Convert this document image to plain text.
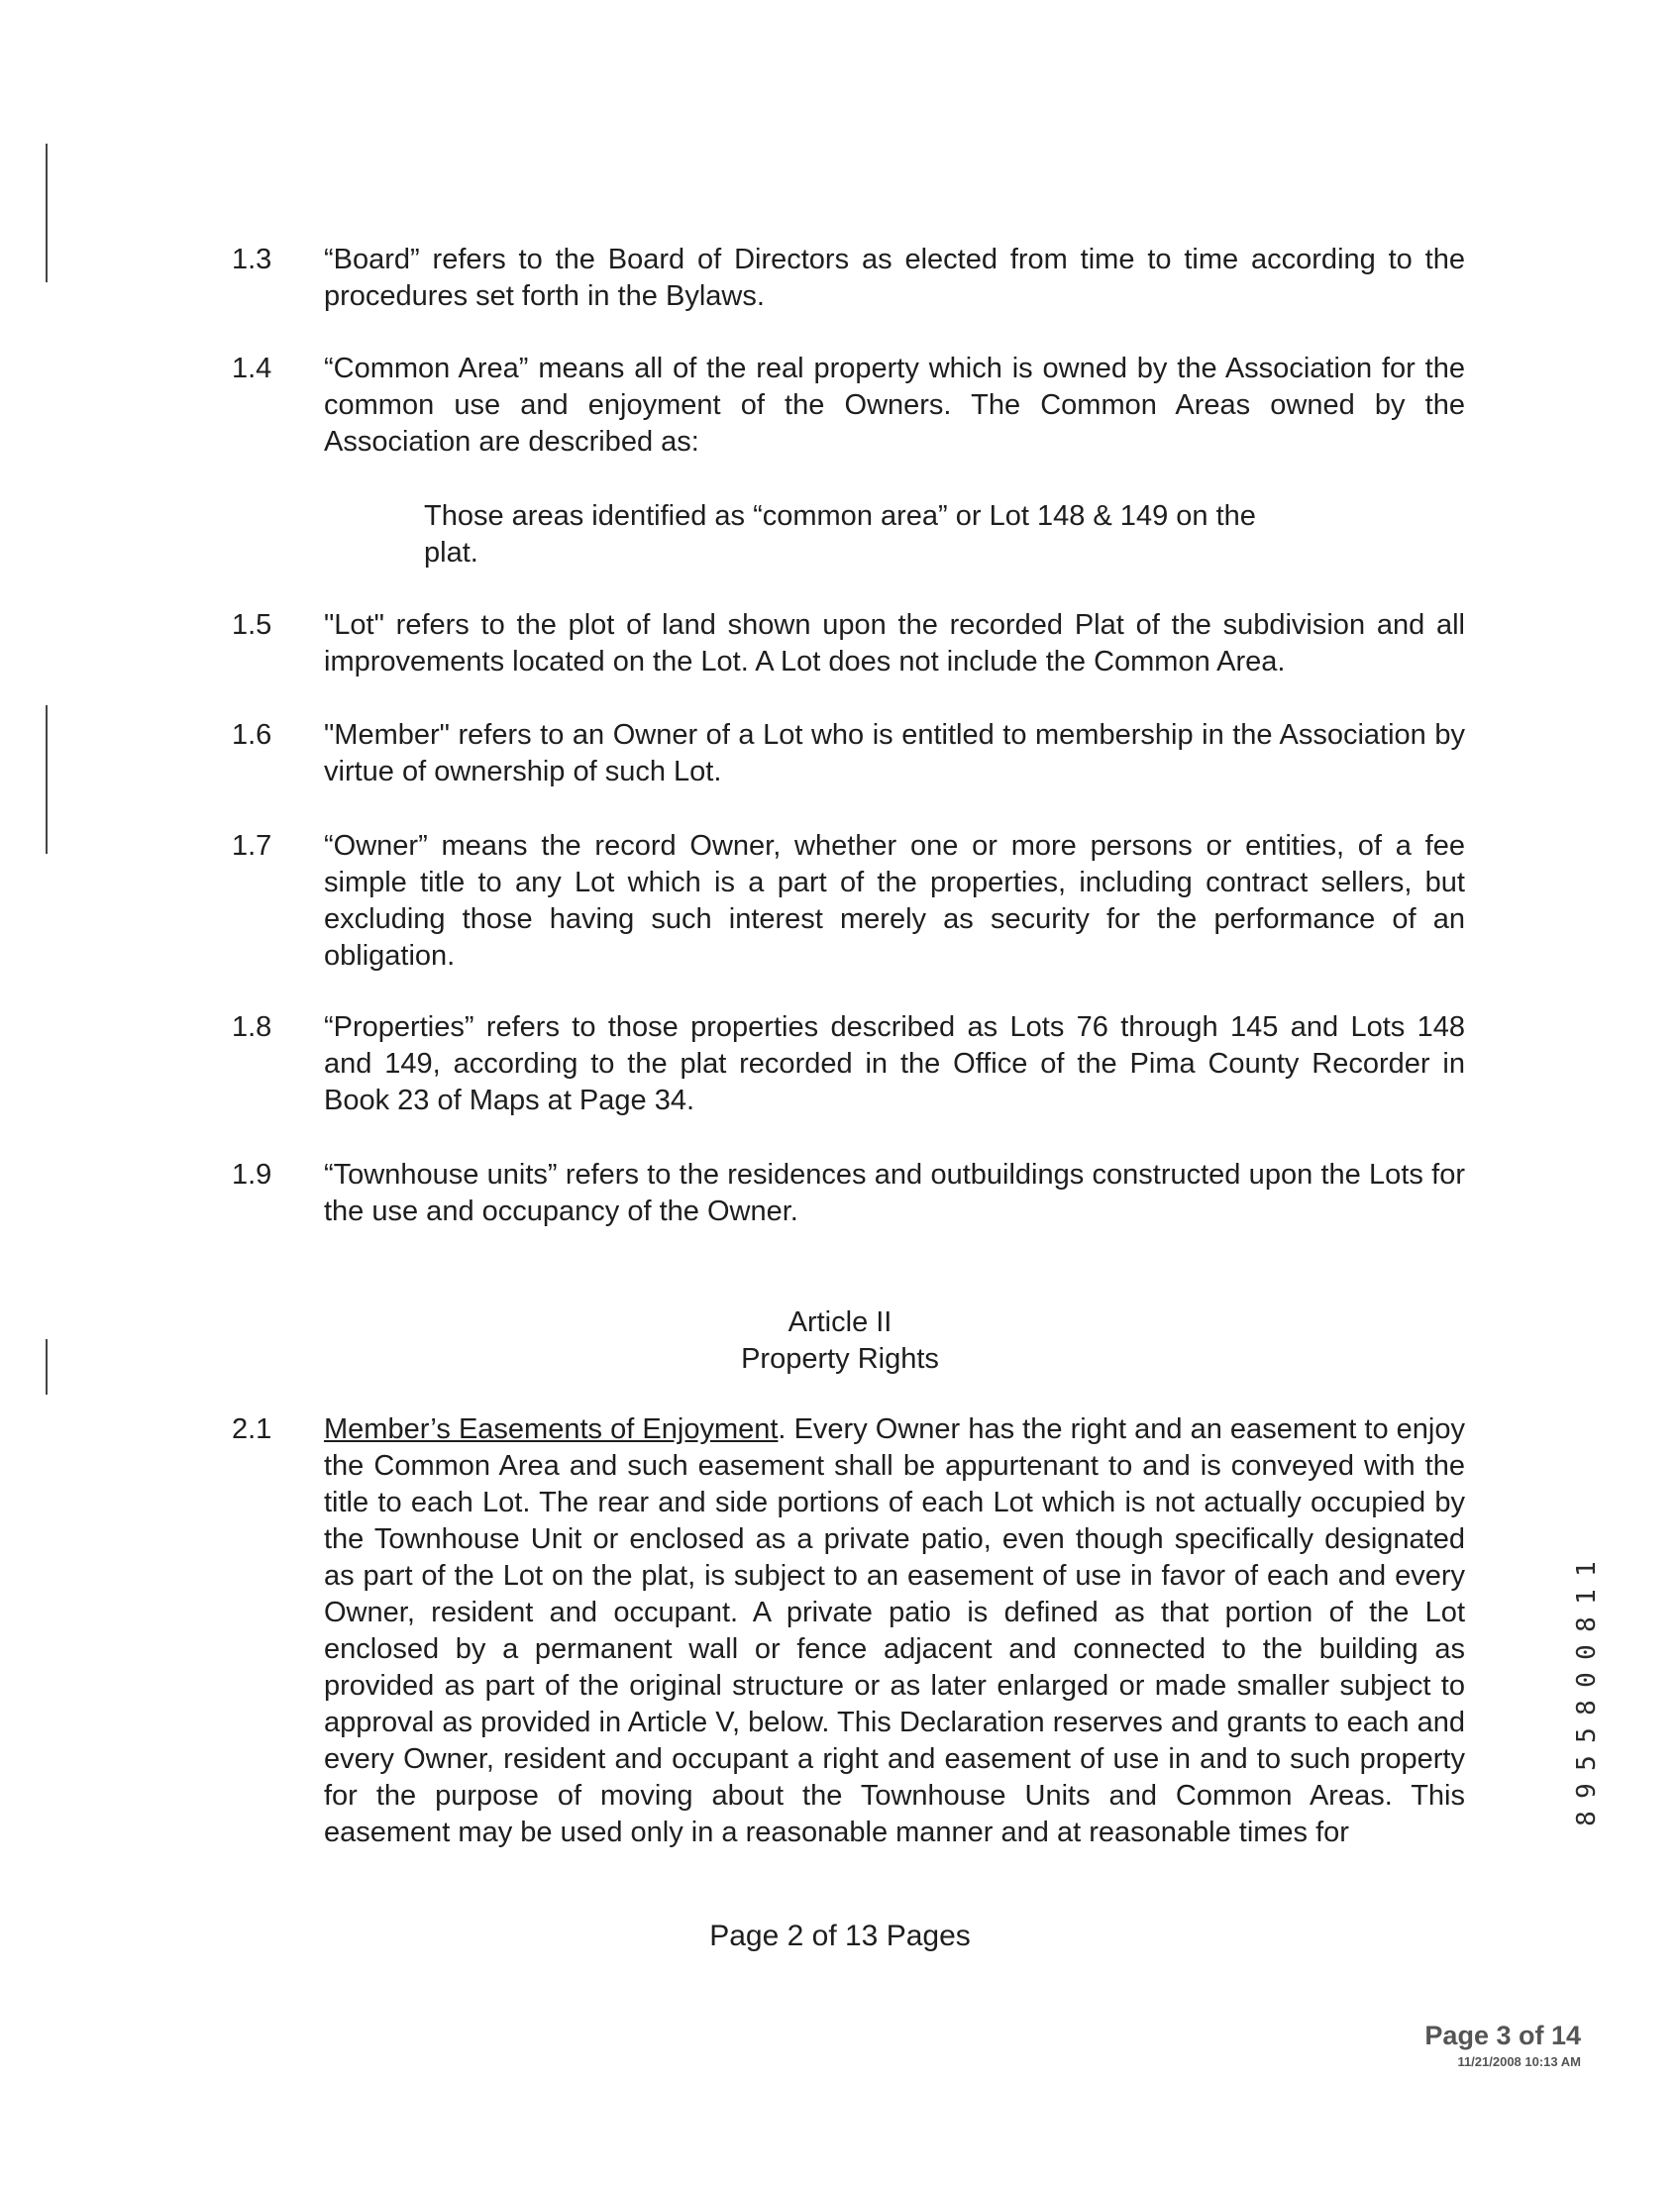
1.3 “Board” refers to the Board of Directors as elected from time to time according to the procedures set forth in the Bylaws.
1.4 “Common Area” means all of the real property which is owned by the Association for the common use and enjoyment of the Owners. The Common Areas owned by the Association are described as:
Those areas identified as “common area” or Lot 148 & 149 on the plat.
1.5 "Lot" refers to the plot of land shown upon the recorded Plat of the subdivision and all improvements located on the Lot. A Lot does not include the Common Area.
1.6 "Member" refers to an Owner of a Lot who is entitled to membership in the Association by virtue of ownership of such Lot.
1.7 “Owner” means the record Owner, whether one or more persons or entities, of a fee simple title to any Lot which is a part of the properties, including contract sellers, but excluding those having such interest merely as security for the performance of an obligation.
1.8 “Properties” refers to those properties described as Lots 76 through 145 and Lots 148 and 149, according to the plat recorded in the Office of the Pima County Recorder in Book 23 of Maps at Page 34.
1.9 “Townhouse units” refers to the residences and outbuildings constructed upon the Lots for the use and occupancy of the Owner.
Article II
Property Rights
2.1 Member’s Easements of Enjoyment. Every Owner has the right and an easement to enjoy the Common Area and such easement shall be appurtenant to and is conveyed with the title to each Lot. The rear and side portions of each Lot which is not actually occupied by the Townhouse Unit or enclosed as a private patio, even though specifically designated as part of the Lot on the plat, is subject to an easement of use in favor of each and every Owner, resident and occupant. A private patio is defined as that portion of the Lot enclosed by a permanent wall or fence adjacent and connected to the building as provided as part of the original structure or as later enlarged or made smaller subject to approval as provided in Article V, below. This Declaration reserves and grants to each and every Owner, resident and occupant a right and easement of use in and to such property for the purpose of moving about the Townhouse Units and Common Areas. This easement may be used only in a reasonable manner and at reasonable times for
1
1
8
0
0
8
5
5
9
8
Page 2 of 13 Pages
Page 3 of 14
11/21/2008 10:13 AM
